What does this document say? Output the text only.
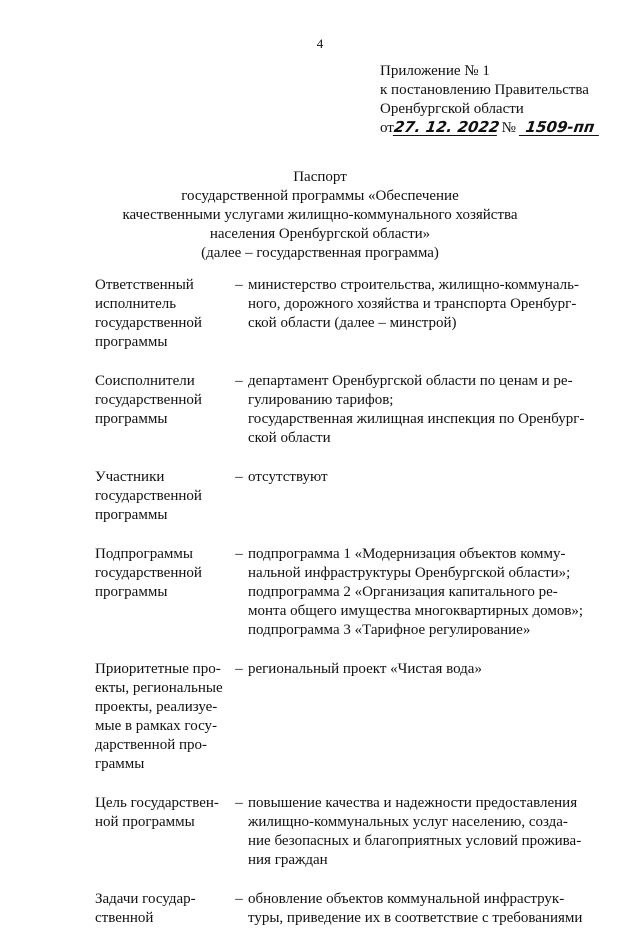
4
Приложение № 1
к постановлению Правительства
Оренбургской области
от27. 12. 2022 № 1509-пп
Паспорт
государственной программы «Обеспечение
качественными услугами жилищно-коммунального хозяйства
населения Оренбургской области»
(далее – государственная программа)
Ответственный
исполнитель
государственной
программы
– министерство строительства, жилищно-коммуналь-
ного, дорожного хозяйства и транспорта Оренбург-
ской области (далее – минстрой)
Соисполнители
государственной
программы
– департамент Оренбургской области по ценам и ре-
гулированию тарифов;
государственная жилищная инспекция по Оренбург-
ской области
Участники
государственной
программы
– отсутствуют
Подпрограммы
государственной
программы
– подпрограмма 1 «Модернизация объектов комму-
нальной инфраструктуры Оренбургской области»;
подпрограмма 2 «Организация капитального ре-
монта общего имущества многоквартирных домов»;
подпрограмма 3 «Тарифное регулирование»
Приоритетные про-
екты, региональные
проекты, реализуе-
мые в рамках госу-
дарственной про-
граммы
– региональный проект «Чистая вода»
Цель государствен-
ной программы
– повышение качества и надежности предоставления
жилищно-коммунальных услуг населению, созда-
ние безопасных и благоприятных условий прожива-
ния граждан
Задачи государ-
ственной
– обновление объектов коммунальной инфраструк-
туры, приведение их в соответствие с требованиями
